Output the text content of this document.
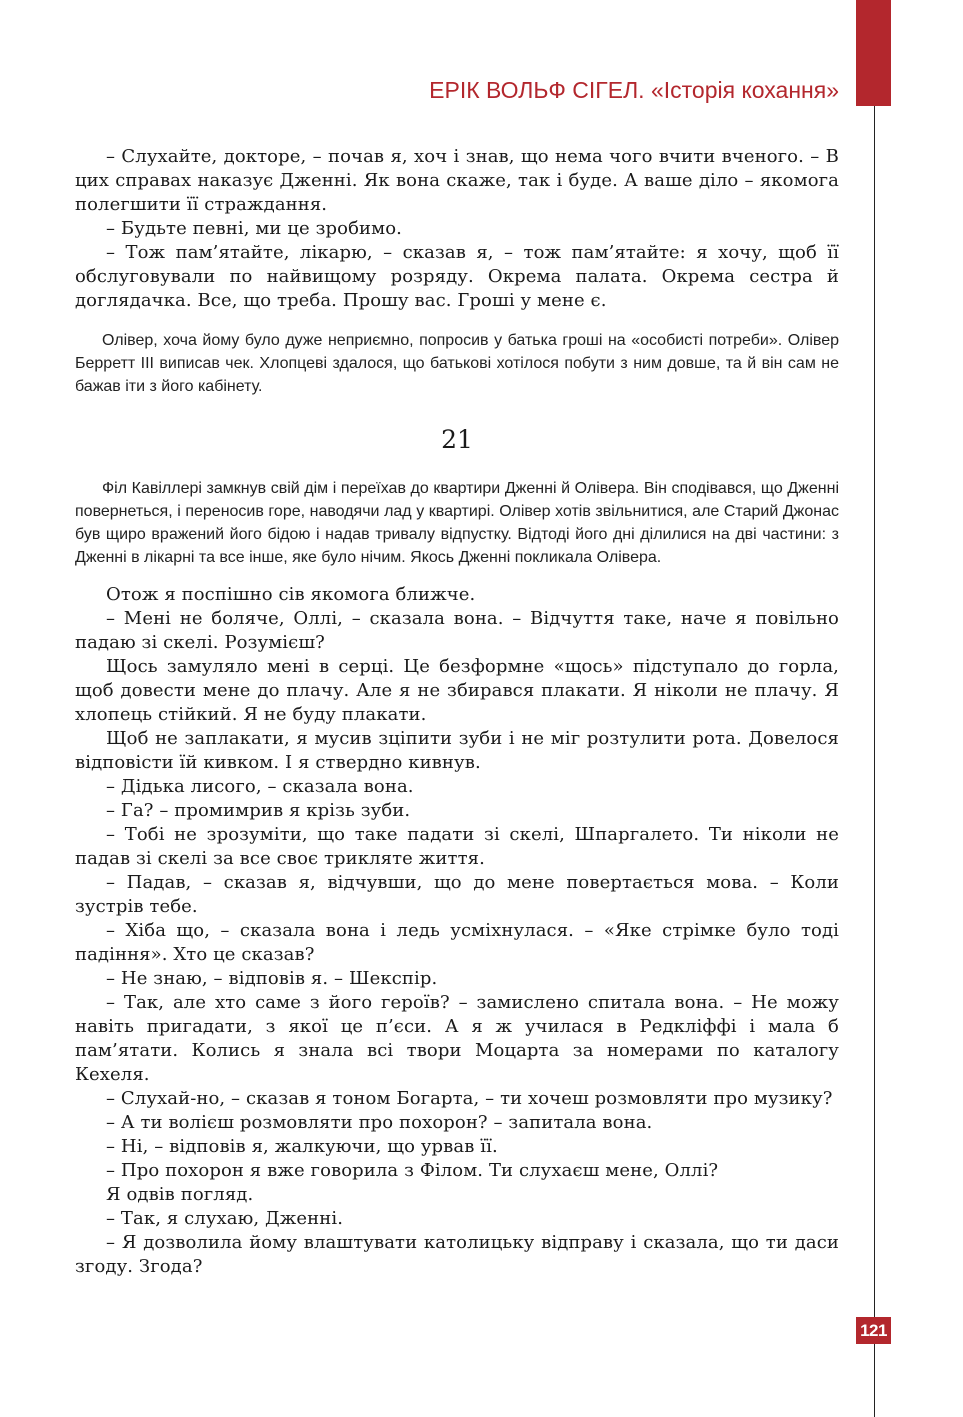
ЕРІК ВОЛЬФ СІГЕЛ. «Історія кохання»

– Слухайте, докторе, – почав я, хоч і знав, що нема чого вчити вченого. – В цих справах наказує Дженні. Як вона скаже, так і буде. А ваше діло – якомога полегшити її страждання.

– Будьте певні, ми це зробимо.

– Тож пам’ятайте, лікарю, – сказав я, – тож пам’ятайте: я хочу, щоб її обслуговували по найвищому розряду. Окрема палата. Окрема сестра й доглядачка. Все, що треба. Прошу вас. Гроші у мене є.

Олівер, хоча йому було дуже неприємно, попросив у батька гроші на «особисті потреби». Олівер Берретт ІІІ виписав чек. Хлопцеві здалося, що батькові хотілося побути з ним довше, та й він сам не бажав іти з його кабінету.

21

Філ Кавіллері замкнув свій дім і переїхав до квартири Дженні й Олівера. Він сподівався, що Дженні повернеться, і переносив горе, наводячи лад у квартирі. Олівер хотів звільнитися, але Старий Джонас був щиро вражений його бідою і надав тривалу відпустку. Відтоді його дні ділилися на дві частини: з Дженні в лікарні та все інше, яке було нічим. Якось Дженні покликала Олівера.

Отож я поспішно сів якомога ближче.

– Мені не боляче, Оллі, – сказала вона. – Відчуття таке, наче я повільно падаю зі скелі. Розумієш?

Щось замуляло мені в серці. Це безформне «щось» підступало до горла, щоб довести мене до плачу. Але я не збирався плакати. Я ніколи не плачу. Я хлопець стійкий. Я не буду плакати.

Щоб не заплакати, я мусив зціпити зуби і не міг розтулити рота. Довелося відповісти їй кивком. І я ствердно кивнув.

– Дідька лисого, – сказала вона.

– Га? – промимрив я крізь зуби.

– Тобі не зрозуміти, що таке падати зі скелі, Шпаргалето. Ти ніколи не падав зі скелі за все своє трикляте життя.

– Падав, – сказав я, відчувши, що до мене повертається мова. – Коли зустрів тебе.

– Хіба що, – сказала вона і ледь усміхнулася. – «Яке стрімке було тоді падіння». Хто це сказав?

– Не знаю, – відповів я. – Шекспір.

– Так, але хто саме з його героїв? – замислено спитала вона. – Не можу навіть пригадати, з якої це п’єси. А я ж училася в Редкліффі і мала б пам’ятати. Колись я знала всі твори Моцарта за номерами по каталогу Кехеля.

– Слухай-но, – сказав я тоном Богарта, – ти хочеш розмовляти про музику?

– А ти волієш розмовляти про похорон? – запитала вона.

– Ні, – відповів я, жалкуючи, що урвав її.

– Про похорон я вже говорила з Філом. Ти слухаєш мене, Оллі?

Я одвів погляд.

– Так, я слухаю, Дженні.

– Я дозволила йому влаштувати католицьку відправу і сказала, що ти даси згоду. Згода?

121
